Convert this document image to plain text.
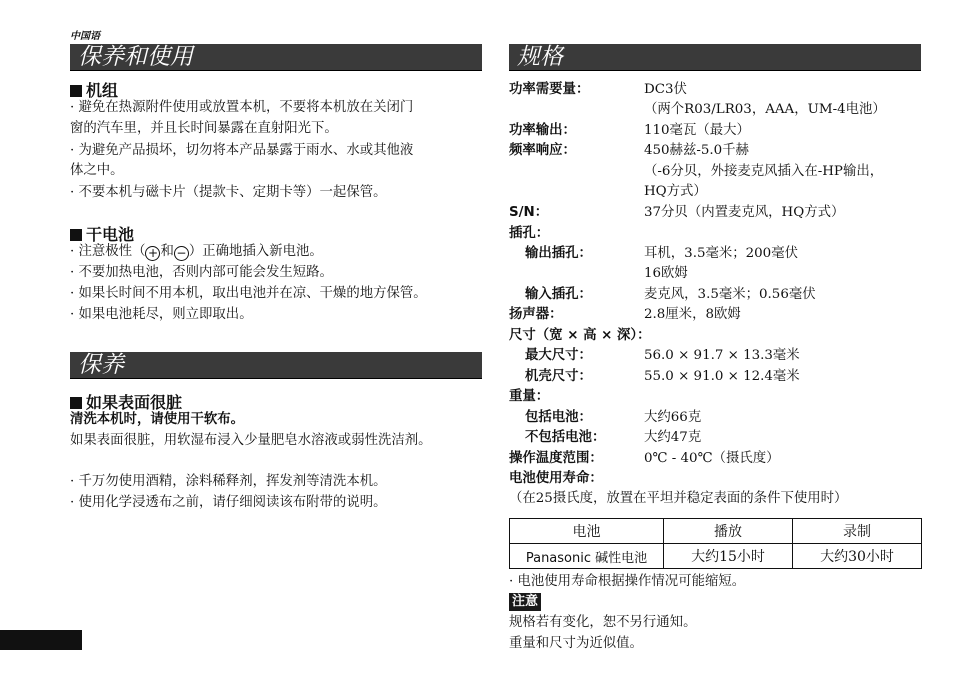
中国语
保养和使用
机组
· 避免在热源附件使用或放置本机，不要将本机放在关闭门
窗的汽车里，并且长时间暴露在直射阳光下。
· 为避免产品损坏，切勿将本产品暴露于雨水、水或其他液
体之中。
· 不要本机与磁卡片（提款卡、定期卡等）一起保管。
干电池
· 注意极性（ + 和 − ）正确地插入新电池。
· 不要加热电池，否则内部可能会发生短路。
· 如果长时间不用本机，取出电池并在凉、干燥的地方保管。
· 如果电池耗尽，则立即取出。
保养
如果表面很脏
清洗本机时，请使用干软布。
如果表面很脏，用软湿布浸入少量肥皂水溶液或弱性洗洁剂。
· 千万勿使用酒精，涂料稀释剂，挥发剂等清洗本机。
· 使用化学浸透布之前，请仔细阅读该布附带的说明。
规格
功率需要量：	DC3伏
（两个R03/LR03，AAA，UM-4电池）
功率输出：	110毫瓦（最大）
频率响应：	450赫兹-5.0千赫
（-6分贝，外接麦克风插入在-HP输出，
HQ方式）
S/N：	37分贝（内置麦克风，HQ方式）
插孔：
输出插孔：	耳机，3.5毫米；200毫伏
16欧姆
输入插孔：	麦克风，3.5毫米；0.56毫伏
扬声器：	2.8厘米，8欧姆
尺寸（宽 × 高 × 深）：
最大尺寸：	56.0 × 91.7 × 13.3毫米
机壳尺寸：	55.0 × 91.0 × 12.4毫米
重量：
包括电池：	大约66克
不包括电池：	大约47克
操作温度范围：	0℃ - 40℃（摄氏度）
电池使用寿命：
（在25摄氏度，放置在平坦并稳定表面的条件下使用时）
电池	播放	录制
Panasonic 碱性电池	大约15小时	大约30小时
· 电池使用寿命根据操作情况可能缩短。
注意
规格若有变化，恕不另行通知。
重量和尺寸为近似值。
